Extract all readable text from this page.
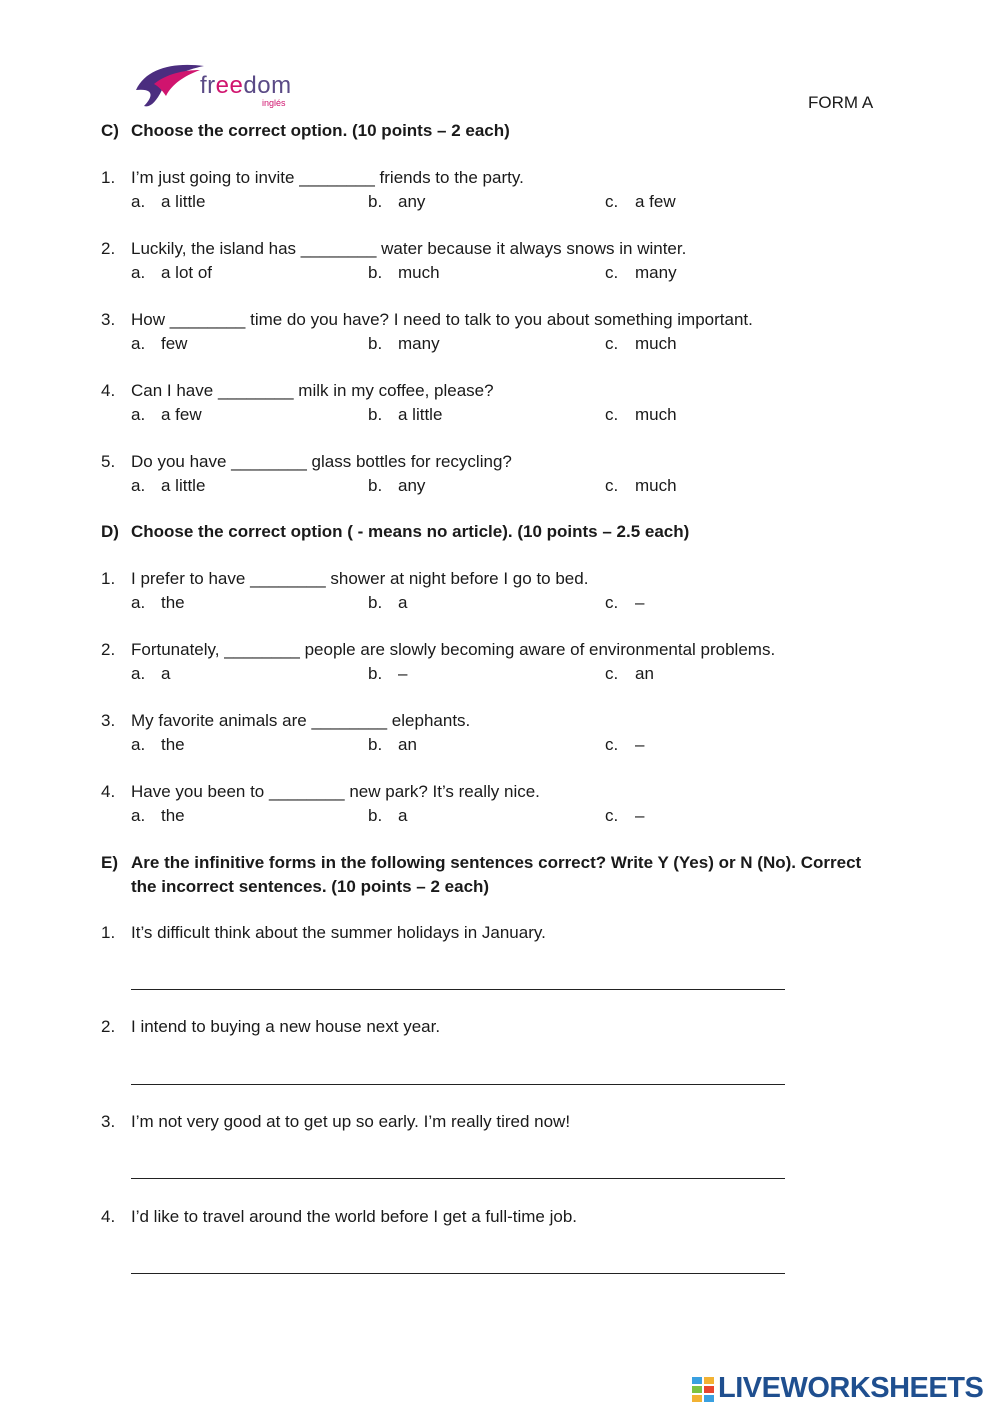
freedom
inglés	FORM A
C) Choose the correct option. (10 points – 2 each)
1. I’m just going to invite ________ friends to the party.
a. a little	b. any	c. a few
2. Luckily, the island has ________ water because it always snows in winter.
a. a lot of	b. much	c. many
3. How ________ time do you have? I need to talk to you about something important.
a. few	b. many	c. much
4. Can I have ________ milk in my coffee, please?
a. a few	b. a little	c. much
5. Do you have ________ glass bottles for recycling?
a. a little	b. any	c. much
D) Choose the correct option ( - means no article). (10 points – 2.5 each)
1. I prefer to have ________ shower at night before I go to bed.
a. the	b. a	c. –
2. Fortunately, ________ people are slowly becoming aware of environmental problems.
a. a	b. –	c. an
3. My favorite animals are ________ elephants.
a. the	b. an	c. –
4. Have you been to ________ new park? It’s really nice.
a. the	b. a	c. –
E) Are the infinitive forms in the following sentences correct? Write Y (Yes) or N (No). Correct
the incorrect sentences. (10 points – 2 each)
1. It’s difficult think about the summer holidays in January.
2. I intend to buying a new house next year.
3. I’m not very good at to get up so early. I’m really tired now!
4. I’d like to travel around the world before I get a full-time job.
LIVEWORKSHEETS
